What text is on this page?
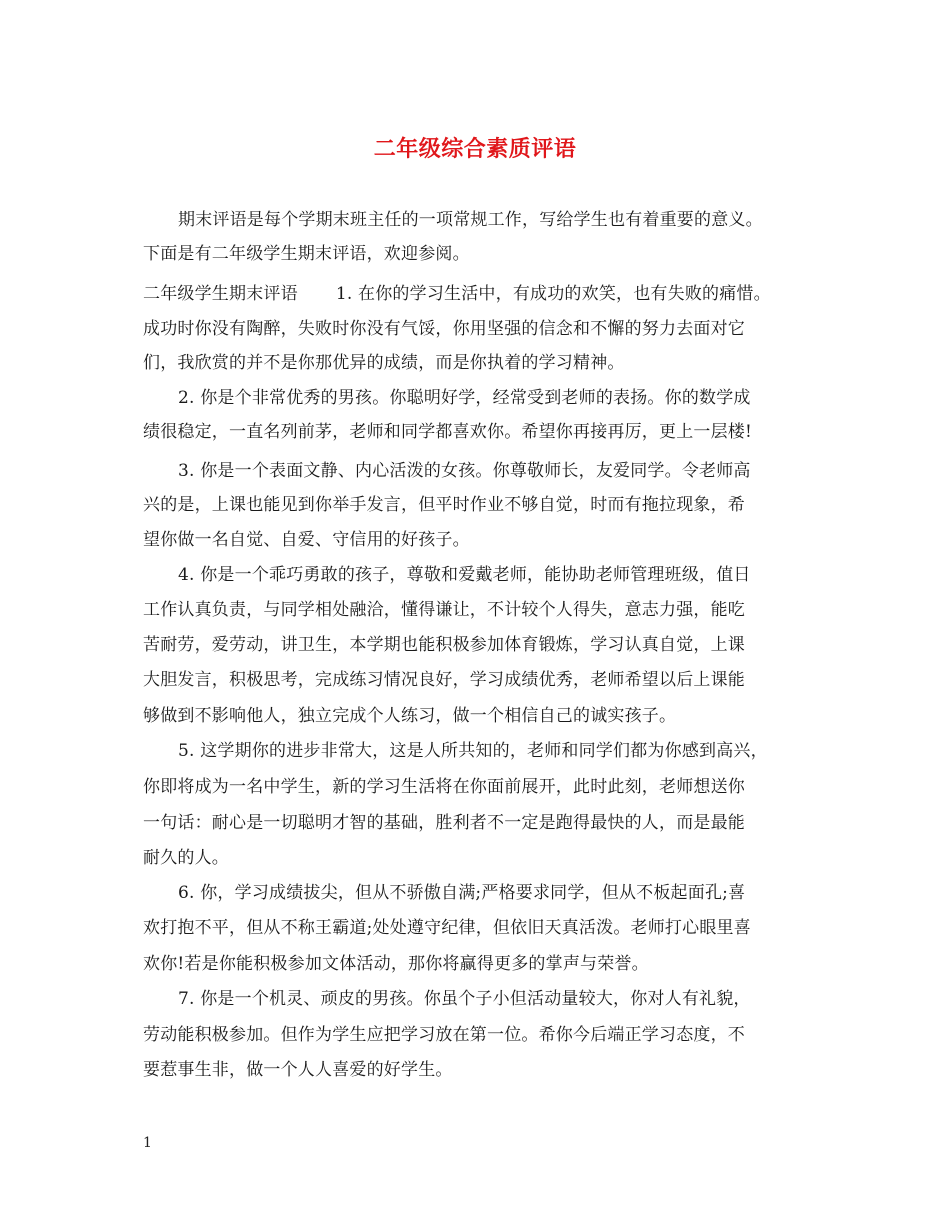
二年级综合素质评语
期末评语是每个学期末班主任的一项常规工作，写给学生也有着重要的意义。
下面是有二年级学生期末评语，欢迎参阅。
二年级学生期末评语 1. 在你的学习生活中，有成功的欢笑，也有失败的痛惜。
成功时你没有陶醉，失败时你没有气馁，你用坚强的信念和不懈的努力去面对它
们，我欣赏的并不是你那优异的成绩，而是你执着的学习精神。
2. 你是个非常优秀的男孩。你聪明好学，经常受到老师的表扬。你的数学成
绩很稳定，一直名列前茅，老师和同学都喜欢你。希望你再接再厉，更上一层楼!
3. 你是一个表面文静、内心活泼的女孩。你尊敬师长，友爱同学。令老师高
兴的是，上课也能见到你举手发言，但平时作业不够自觉，时而有拖拉现象，希
望你做一名自觉、自爱、守信用的好孩子。
4. 你是一个乖巧勇敢的孩子，尊敬和爱戴老师，能协助老师管理班级，值日
工作认真负责，与同学相处融洽，懂得谦让，不计较个人得失，意志力强，能吃
苦耐劳，爱劳动，讲卫生，本学期也能积极参加体育锻炼，学习认真自觉，上课
大胆发言，积极思考，完成练习情况良好，学习成绩优秀，老师希望以后上课能
够做到不影响他人，独立完成个人练习，做一个相信自己的诚实孩子。
5. 这学期你的进步非常大，这是人所共知的，老师和同学们都为你感到高兴，
你即将成为一名中学生，新的学习生活将在你面前展开，此时此刻，老师想送你
一句话：耐心是一切聪明才智的基础，胜利者不一定是跑得最快的人，而是最能
耐久的人。
6. 你，学习成绩拔尖，但从不骄傲自满;严格要求同学，但从不板起面孔;喜
欢打抱不平，但从不称王霸道;处处遵守纪律，但依旧天真活泼。老师打心眼里喜
欢你!若是你能积极参加文体活动，那你将赢得更多的掌声与荣誉。
7. 你是一个机灵、顽皮的男孩。你虽个子小但活动量较大，你对人有礼貌，
劳动能积极参加。但作为学生应把学习放在第一位。希你今后端正学习态度，不
要惹事生非，做一个人人喜爱的好学生。
1
